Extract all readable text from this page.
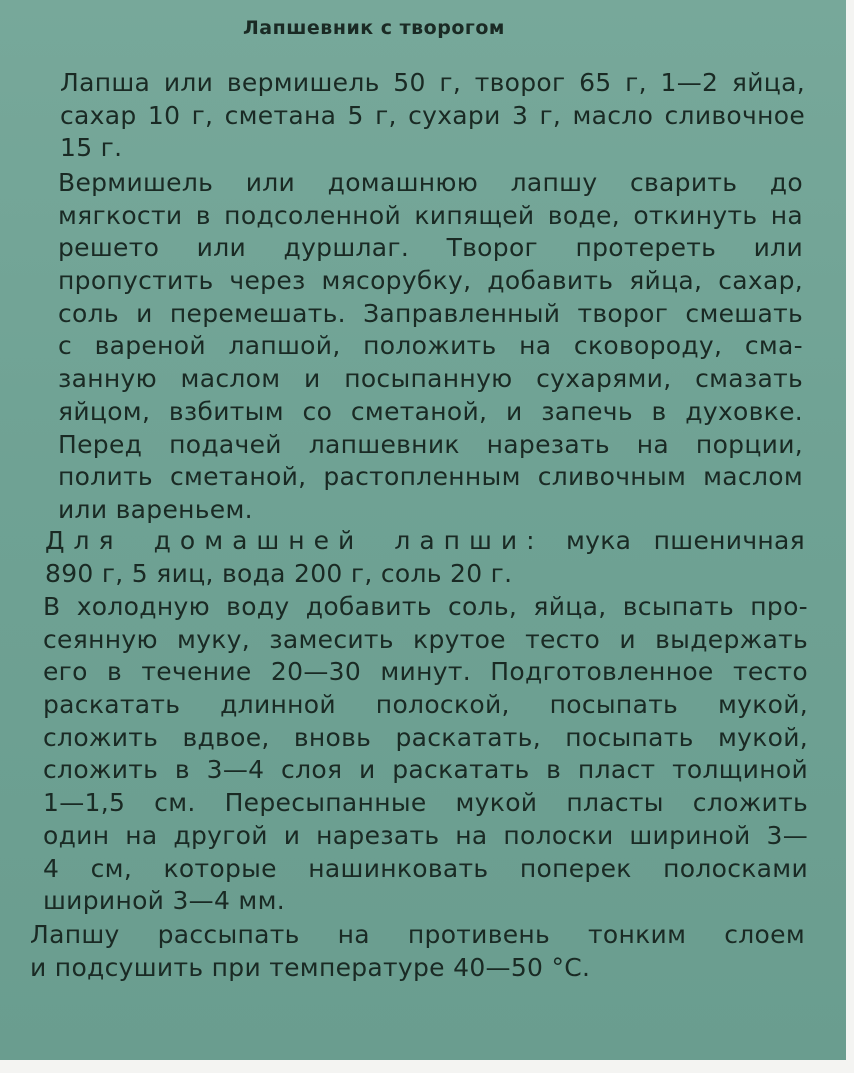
Лапшевник с творогом
Лапша или вермишель 50 г, творог 65 г, 1—2 яйца,
сахар 10 г, сметана 5 г, сухари 3 г, масло сливочное
15 г.
Вермишель или домашнюю лапшу сварить до
мягкости в подсоленной кипящей воде, откинуть на
решето или дуршлаг. Творог протереть или
пропустить через мясорубку, добавить яйца, сахар,
соль и перемешать. Заправленный творог смешать
с вареной лапшой, положить на сковороду, сма-
занную маслом и посыпанную сухарями, смазать
яйцом, взбитым со сметаной, и запечь в духовке.
Перед подачей лапшевник нарезать на порции,
полить сметаной, растопленным сливочным маслом
или вареньем.
Для домашней лапши: мука пшеничная
890 г, 5 яиц, вода 200 г, соль 20 г.
В холодную воду добавить соль, яйца, всыпать про-
сеянную муку, замесить крутое тесто и выдержать
его в течение 20—30 минут. Подготовленное тесто
раскатать длинной полоской, посыпать мукой,
сложить вдвое, вновь раскатать, посыпать мукой,
сложить в 3—4 слоя и раскатать в пласт толщиной
1—1,5 см. Пересыпанные мукой пласты сложить
один на другой и нарезать на полоски шириной 3—
4 см, которые нашинковать поперек полосками
шириной 3—4 мм.
Лапшу рассыпать на противень тонким слоем
и подсушить при температуре 40—50 °С.
